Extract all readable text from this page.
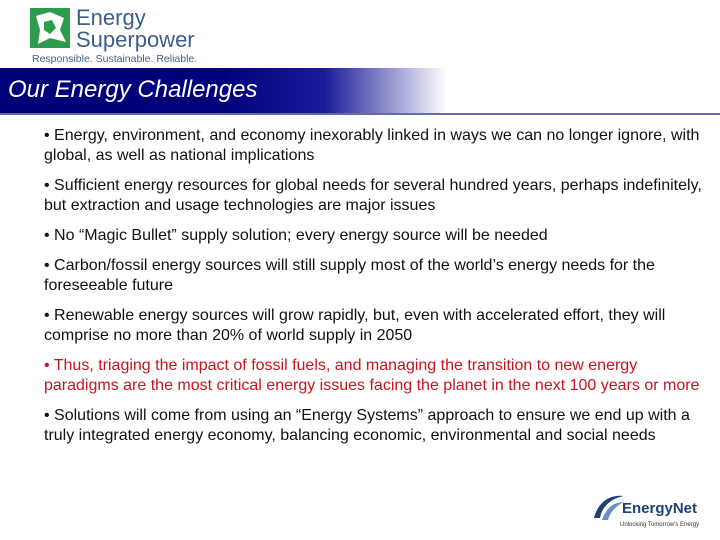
Energy
Superpower
Responsible. Sustainable. Reliable.
Our Energy Challenges

• Energy, environment, and economy inexorably linked in ways we can no longer ignore, with global, as well as national implications

• Sufficient energy resources for global needs for several hundred years, perhaps indefinitely, but extraction and usage technologies are major issues

• No “Magic Bullet” supply solution; every energy source will be needed

• Carbon/fossil energy sources will still supply most of the world’s energy needs for the foreseeable future

• Renewable energy sources will grow rapidly, but, even with accelerated effort, they will comprise no more than 20% of world supply in 2050

• Thus, triaging the impact of fossil fuels, and managing the transition to new energy paradigms are the most critical energy issues facing the planet in the next 100 years or more

• Solutions will come from using an “Energy Systems” approach to ensure we end up with a truly integrated energy economy, balancing economic, environmental and social needs

EnergyNet
Unlocking Tomorrow's Energy
